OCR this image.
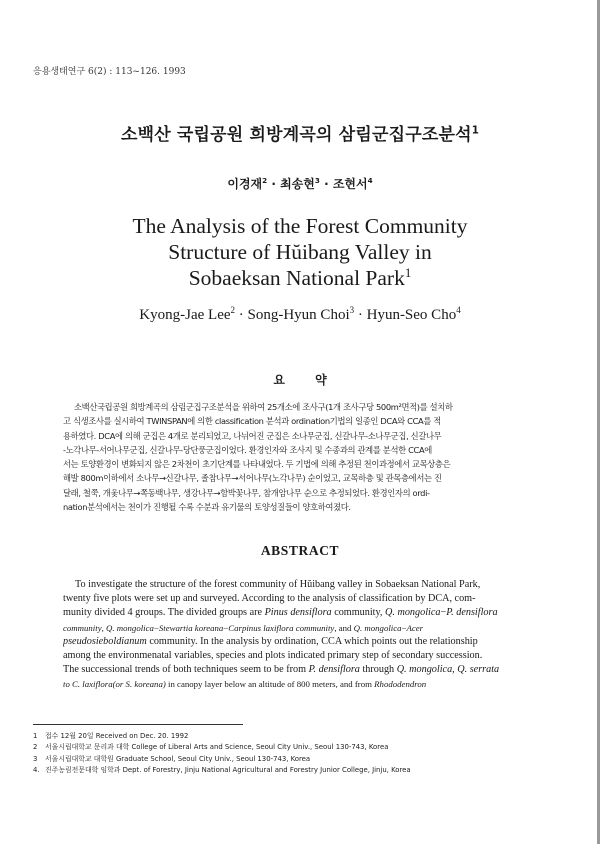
응용생태연구 6(2) : 113~126. 1993
소백산 국립공원 희방계곡의 삼림군집구조분석$^1$
이경재$^2$ · 최송현$^3$ · 조현서$^4$
The Analysis of the Forest Community
Structure of Hŭibang Valley in
Sobaeksan National Park$^1$
Kyong-Jae Lee$^2$ · Song-Hyun Choi$^3$ · Hyun-Seo Cho$^4$
요 약
소백산국립공원 희방계곡의 삼림군집구조분석을 위하여 25개소에 조사구(1개 조사구당 500m²면적)를 설치하
고 식생조사를 실시하여 TWINSPAN에 의한 classification 분석과 ordination기법의 일종인 DCA와 CCA를 적
용하였다. DCA에 의해 군집은 4개로 분리되었고, 나뉘어진 군집은 소나무군집, 신갈나무-소나무군집, 신갈나무
-노각나무-서어나무군집, 신갈나무-당단풍군집이었다. 환경인자와 조사지 및 수종과의 관계를 분석한 CCA에
서는 토양환경이 변화되지 않은 2차천이 초기단계를 나타내었다. 두 기법에 의해 추정된 천이과정에서 교목상층은
해발 800m이하에서 소나무→신갈나무, 졸참나무→서어나무(노각나무) 순이었고, 교목하층 및 관목층에서는 진
달래, 철쭉, 개옻나무→쪽동백나무, 생강나무→함박꽃나무, 참개암나무 순으로 추정되었다. 환경인자의 ordi-
nation분석에서는 천이가 진행될 수록 수분과 유기물의 토양성질들이 양호하여졌다.
ABSTRACT
To investigate the structure of the forest community of Hŭibang valley in Sobaeksan National Park,
twenty five plots were set up and surveyed. According to the analysis of classification by DCA, com-
munity divided 4 groups. The divided groups are Pinus densiflora community, Q. mongolica−P. densiflora
community, Q. mongolica−Stewartia koreana−Carpinus laxiflora community, and Q. mongolica−Acer
pseudosieboldianum community. In the analysis by ordination, CCA which points out the relationship
among the environmenatal variables, species and plots indicated primary step of secondary succession.
The successional trends of both techniques seem to be from P. densiflora through Q. mongolica, Q. serrata
to C. laxiflora(or S. koreana) in canopy layer below an altitude of 800 meters, and from Rhododendron
1 접수 12월 20일 Received on Dec. 20. 1992
2 서울시립대학교 문리과 대학 College of Liberal Arts and Science, Seoul City Univ., Seoul 130-743, Korea
3 서울시립대학교 대학원 Graduate School, Seoul City Univ., Seoul 130-743, Korea
4. 진주농림전문대학 임학과 Dept. of Forestry, Jinju National Agricultural and Forestry Junior College, Jinju, Korea
